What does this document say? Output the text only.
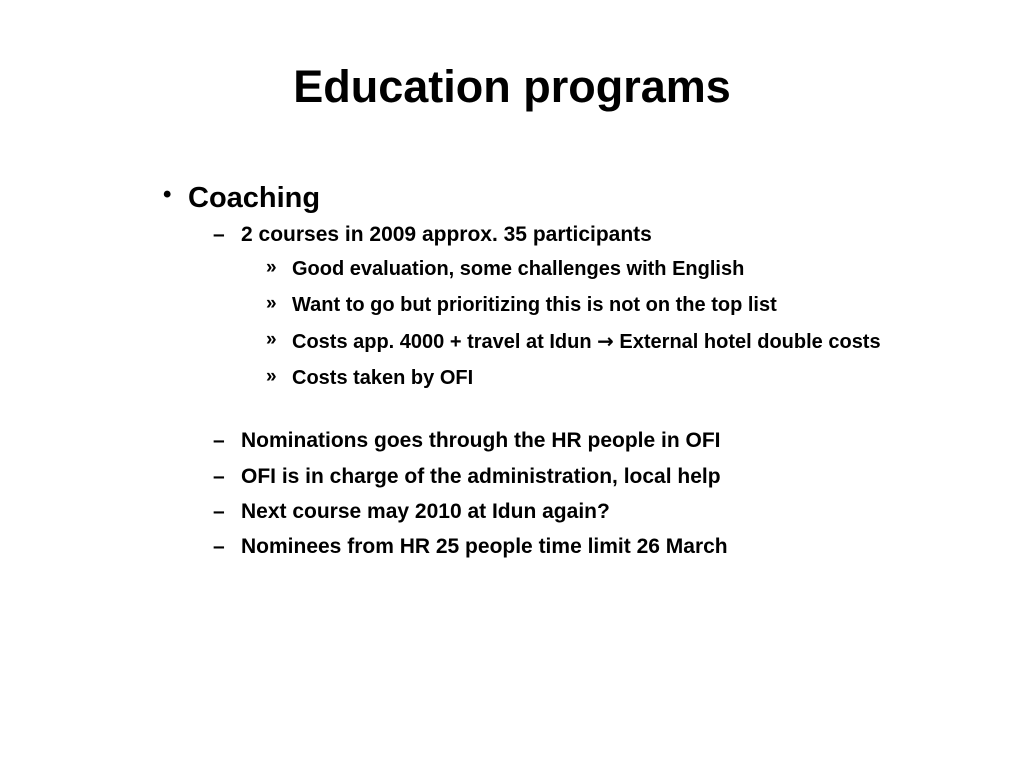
Education programs
• Coaching
– 2 courses in 2009 approx. 35 participants
» Good evaluation, some challenges with English
» Want to go but prioritizing this is not on the top list
» Costs app. 4000 + travel at Idun → External hotel double costs
» Costs taken by OFI
– Nominations goes through the HR people in OFI
– OFI is in charge of the administration, local help
– Next course may 2010 at Idun again?
– Nominees from HR 25 people time limit 26 March
